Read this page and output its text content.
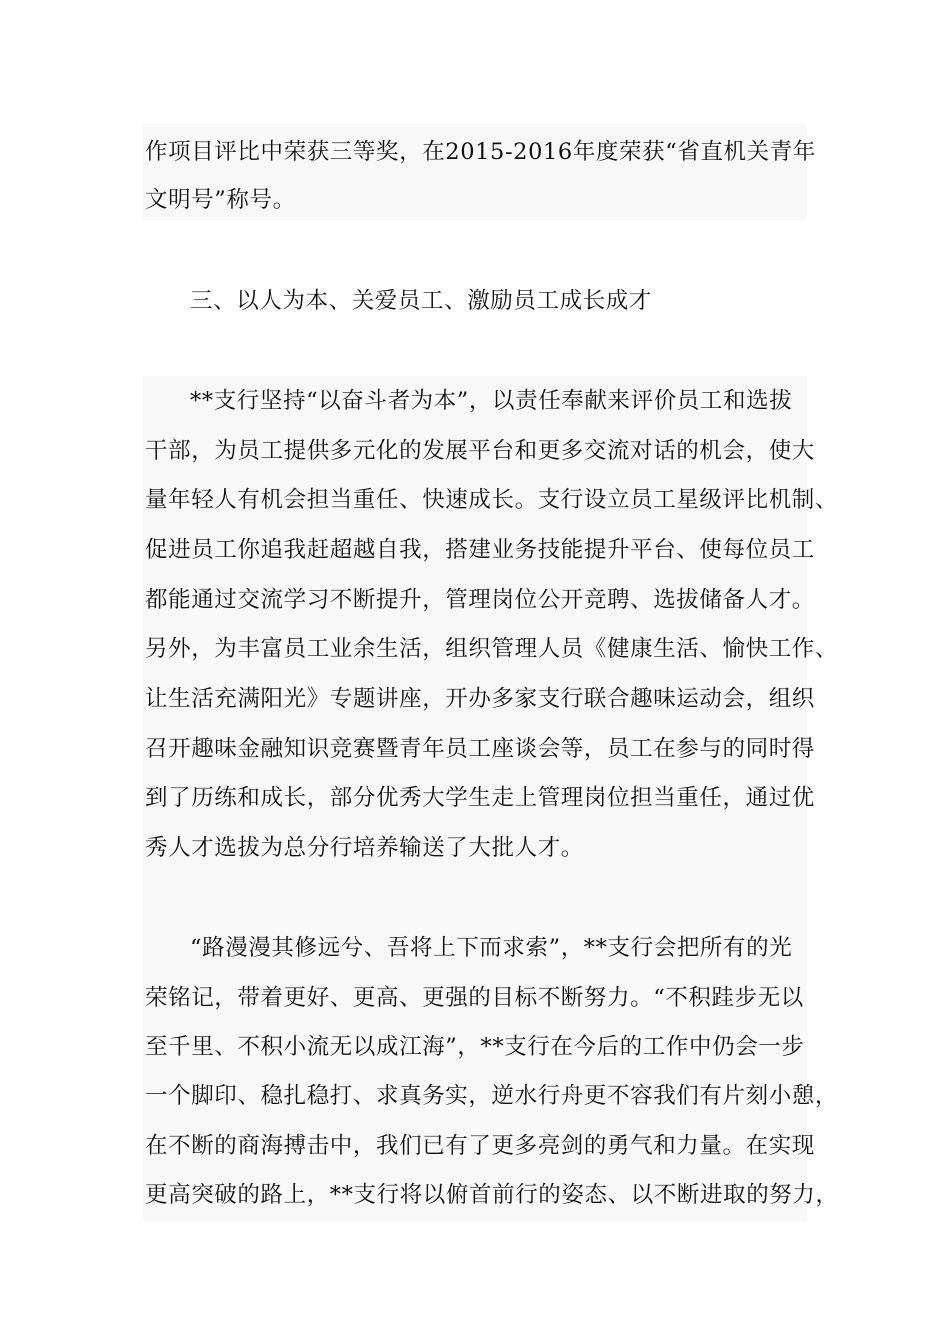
作项目评比中荣获三等奖，在2015-2016年度荣获“省直机关青年
文明号”称号。
三、以人为本、关爱员工、激励员工成长成才
**支行坚持“以奋斗者为本”，以责任奉献来评价员工和选拔
干部，为员工提供多元化的发展平台和更多交流对话的机会，使大
量年轻人有机会担当重任、快速成长。支行设立员工星级评比机制、
促进员工你追我赶超越自我，搭建业务技能提升平台、使每位员工
都能通过交流学习不断提升，管理岗位公开竞聘、选拔储备人才。
另外，为丰富员工业余生活，组织管理人员《健康生活、愉快工作、
让生活充满阳光》专题讲座，开办多家支行联合趣味运动会，组织
召开趣味金融知识竞赛暨青年员工座谈会等，员工在参与的同时得
到了历练和成长，部分优秀大学生走上管理岗位担当重任，通过优
秀人才选拔为总分行培养输送了大批人才。
“路漫漫其修远兮、吾将上下而求索”，**支行会把所有的光
荣铭记，带着更好、更高、更强的目标不断努力。“不积跬步无以
至千里、不积小流无以成江海”，**支行在今后的工作中仍会一步
一个脚印、稳扎稳打、求真务实，逆水行舟更不容我们有片刻小憩，
在不断的商海搏击中，我们已有了更多亮剑的勇气和力量。在实现
更高突破的路上，**支行将以俯首前行的姿态、以不断进取的努力，
